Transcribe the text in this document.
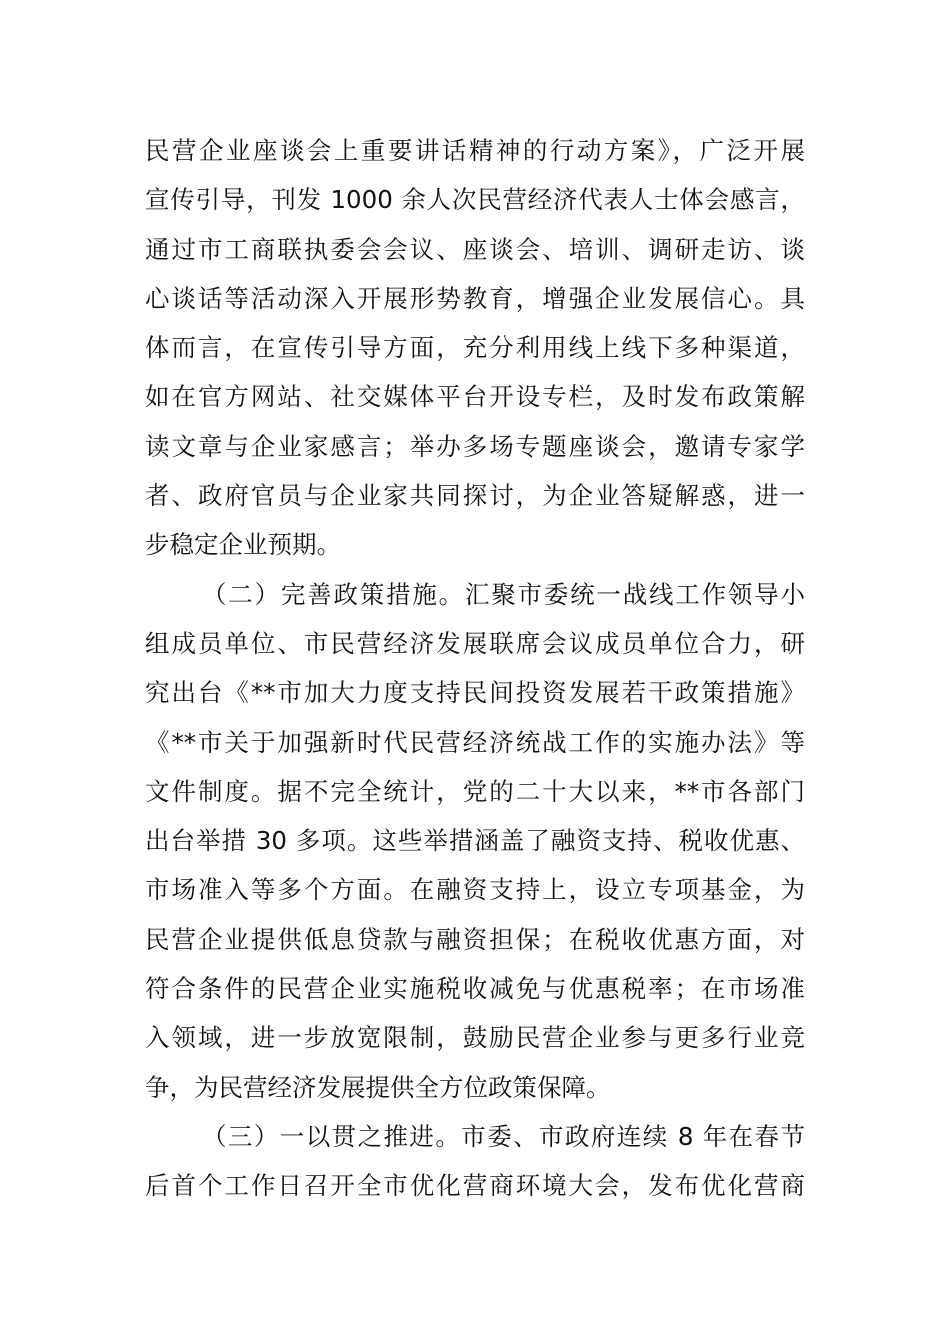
民营企业座谈会上重要讲话精神的行动方案》，广泛开展
宣传引导，刊发 1000 余人次民营经济代表人士体会感言，
通过市工商联执委会会议、座谈会、培训、调研走访、谈
心谈话等活动深入开展形势教育，增强企业发展信心。具
体而言，在宣传引导方面，充分利用线上线下多种渠道，
如在官方网站、社交媒体平台开设专栏，及时发布政策解
读文章与企业家感言；举办多场专题座谈会，邀请专家学
者、政府官员与企业家共同探讨，为企业答疑解惑，进一
步稳定企业预期。
（二）完善政策措施。汇聚市委统一战线工作领导小
组成员单位、市民营经济发展联席会议成员单位合力，研
究出台《**市加大力度支持民间投资发展若干政策措施》
《**市关于加强新时代民营经济统战工作的实施办法》等
文件制度。据不完全统计，党的二十大以来，**市各部门
出台举措 30 多项。这些举措涵盖了融资支持、税收优惠、
市场准入等多个方面。在融资支持上，设立专项基金，为
民营企业提供低息贷款与融资担保；在税收优惠方面，对
符合条件的民营企业实施税收减免与优惠税率；在市场准
入领域，进一步放宽限制，鼓励民营企业参与更多行业竞
争，为民营经济发展提供全方位政策保障。
（三）一以贯之推进。市委、市政府连续 8 年在春节
后首个工作日召开全市优化营商环境大会，发布优化营商
